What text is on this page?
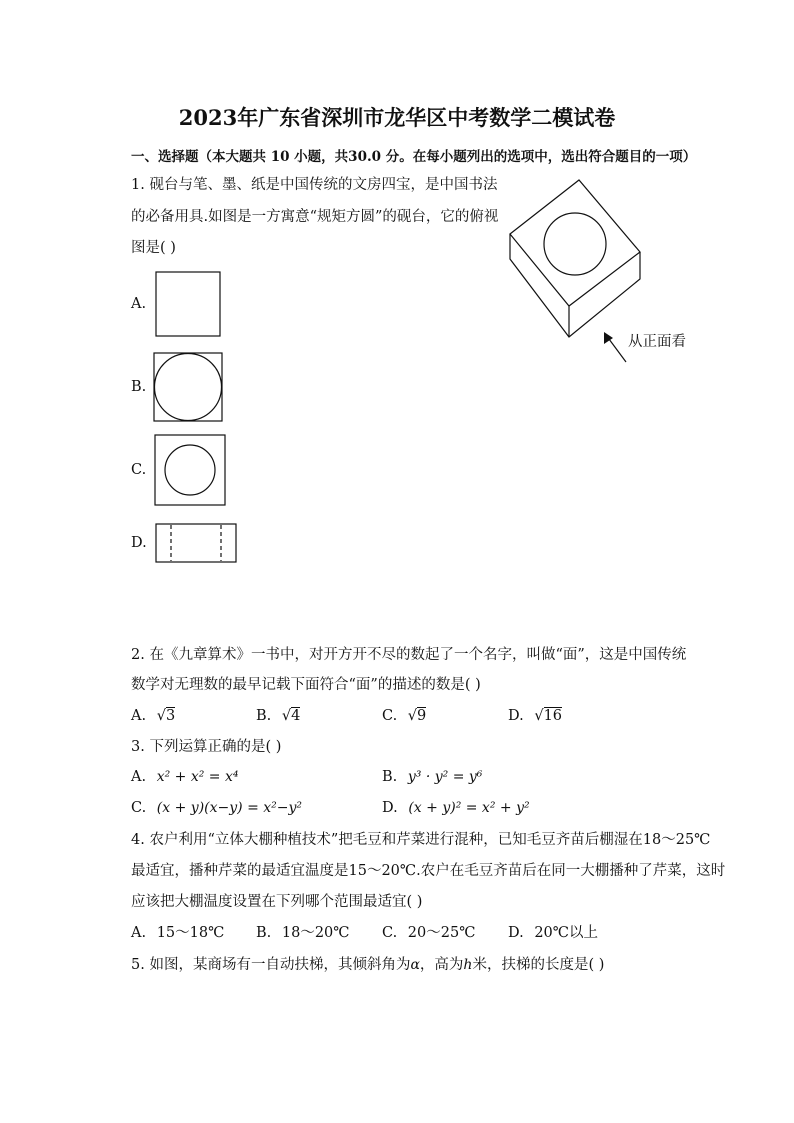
2023年广东省深圳市龙华区中考数学二模试卷
一、选择题（本大题共 10 小题，共30.0 分。在每小题列出的选项中，选出符合题目的一项）
1. 砚台与笔、墨、纸是中国传统的文房四宝，是中国书法
的必备用具.如图是一方寓意“规矩方圆”的砚台，它的俯视
图是( )
从正面看
A.
B.
C.
D.
2. 在《九章算术》一书中，对开方开不尽的数起了一个名字，叫做“面”，这是中国传统
数学对无理数的最早记载下面符合“面”的描述的数是( )
A. √3	B. √4	C. √9	D. √16
3. 下列运算正确的是( )
A. x² + x² = x⁴	B. y³ · y² = y⁶
C. (x + y)(x−y) = x²−y²	D. (x + y)² = x² + y²
4. 农户利用“立体大棚种植技术”把毛豆和芹菜进行混种，已知毛豆齐苗后棚湿在18～25℃
最适宜，播种芹菜的最适宜温度是15～20℃.农户在毛豆齐苗后在同一大棚播种了芹菜，这时
应该把大棚温度设置在下列哪个范围最适宜( )
A. 15～18℃ B. 18～20℃ C. 20～25℃ D. 20℃以上
5. 如图，某商场有一自动扶梯，其倾斜角为α，高为h米，扶梯的长度是( )
